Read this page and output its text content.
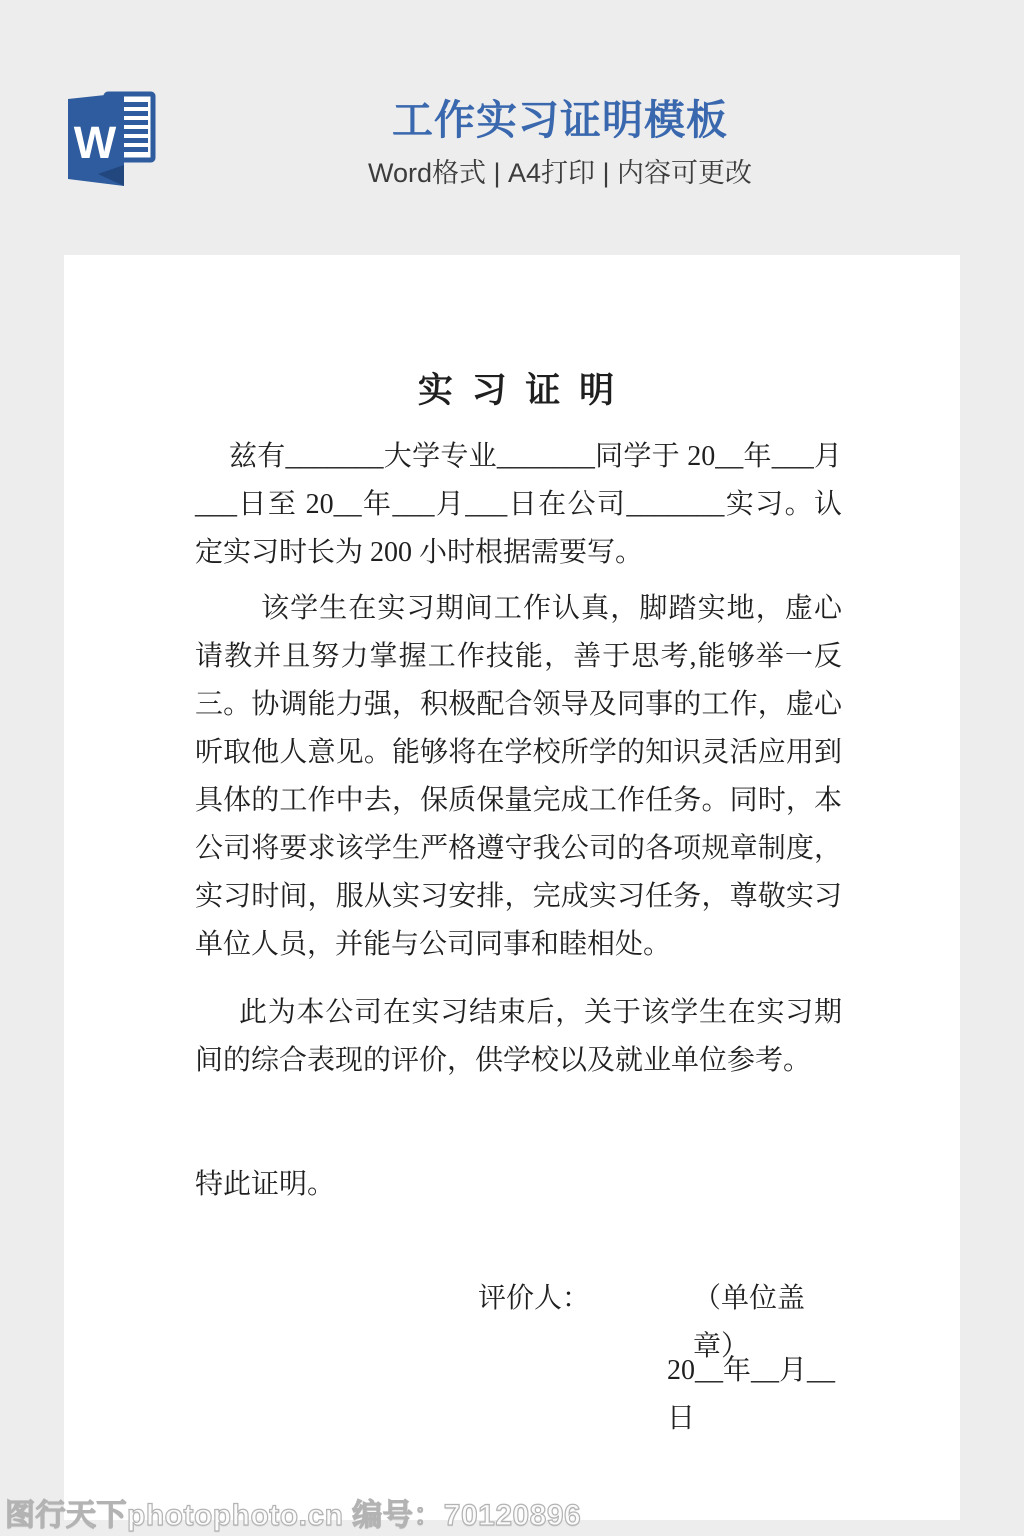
W	工作实习证明模板
Word格式 | A4打印 | 内容可更改
实 习 证 明

兹有_______大学专业_______同学于 20__年___月___日至 20__年___月___日在公司_______实习。认定实习时长为 200 小时根据需要写。

该学生在实习期间工作认真，脚踏实地，虚心请教并且努力掌握工作技能，善于思考,能够举一反三。协调能力强，积极配合领导及同事的工作，虚心听取他人意见。能够将在学校所学的知识灵活应用到具体的工作中去，保质保量完成工作任务。同时，本公司将要求该学生严格遵守我公司的各项规章制度，实习时间，服从实习安排，完成实习任务，尊敬实习单位人员，并能与公司同事和睦相处。

此为本公司在实习结束后，关于该学生在实习期间的综合表现的评价，供学校以及就业单位参考。

特此证明。

评价人：	（单位盖章）
20__年__月__日
图行天下photophoto.cn 编号：70120896
